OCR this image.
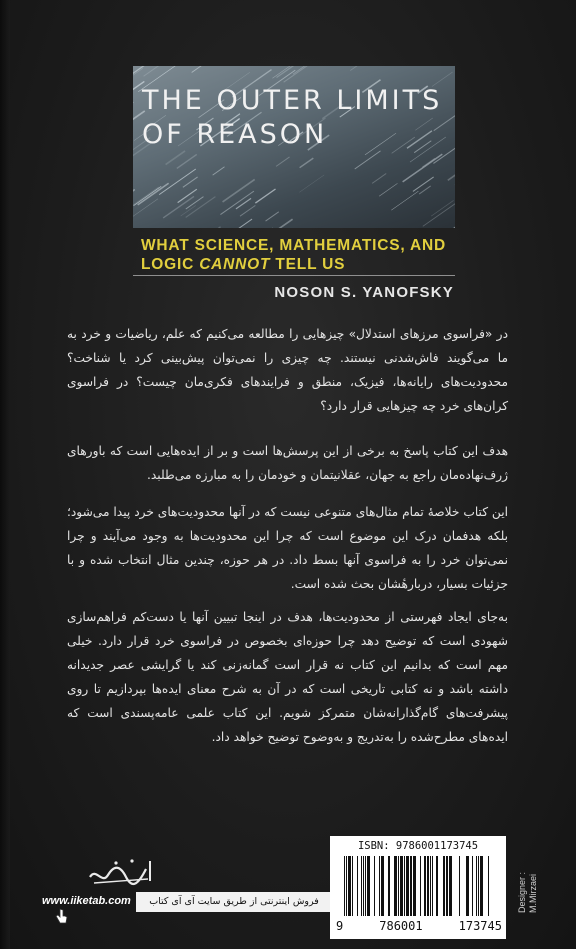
THE OUTER LIMITS
OF REASON
WHAT SCIENCE, MATHEMATICS, AND
LOGIC CANNOT TELL US
NOSON S. YANOFSKY
در «فراسوی مرزهای استدلال» چیزهایی را مطالعه می‌کنیم که علم، ریاضیات و خرد به ما می‌گویند فاش‌شدنی نیستند. چه چیزی را نمی‌توان پیش‌بینی کرد یا شناخت؟ محدودیت‌های رایانه‌ها، فیزیک، منطق و فرایندهای فکری‌مان چیست؟ در فراسوی کران‌های خرد چه چیزهایی قرار دارد؟
هدف این کتاب پاسخ به برخی از این پرسش‌ها است و بر از ایده‌هایی است که باورهای ژرف‌نهاده‌مان راجع به جهان، عقلانیتمان و خودمان را به مبارزه می‌طلبد.
این کتاب خلاصهٔ تمام مثال‌های متنوعی نیست که در آنها محدودیت‌های خرد پیدا می‌شود؛ بلکه هدفمان درک این موضوع است که چرا این محدودیت‌ها به وجود می‌آیند و چرا نمی‌توان خرد را به فراسوی آنها بسط داد. در هر حوزه، چندین مثال انتخاب شده و با جزئیات بسیار، دربارهٔشان بحث شده است.
به‌جای ایجاد فهرستی از محدودیت‌ها، هدف در اینجا تبیین آنها یا دست‌کم فراهم‌سازی شهودی است که توضیح دهد چرا حوزه‌ای بخصوص در فراسوی خرد قرار دارد. خیلی مهم است که بدانیم این کتاب نه قرار است گمانه‌زنی کند یا گرایشی عصر جدیدانه داشته باشد و نه کتابی تاریخی است که در آن به شرح معنای ایده‌ها بپردازیم تا روی پیشرفت‌های گام‌گذارانه‌شان متمرکز شویم. این کتاب علمی عامه‌پسندی است که ایده‌های مطرح‌شده را به‌تدریج و به‌وضوح توضیح خواهد داد.
www.iiketab.com	فروش اینترنتی از طریق سایت آی آی کتاب
ISBN: 9786001173745
9	786001	173745
Designer : M.Mirzaei
